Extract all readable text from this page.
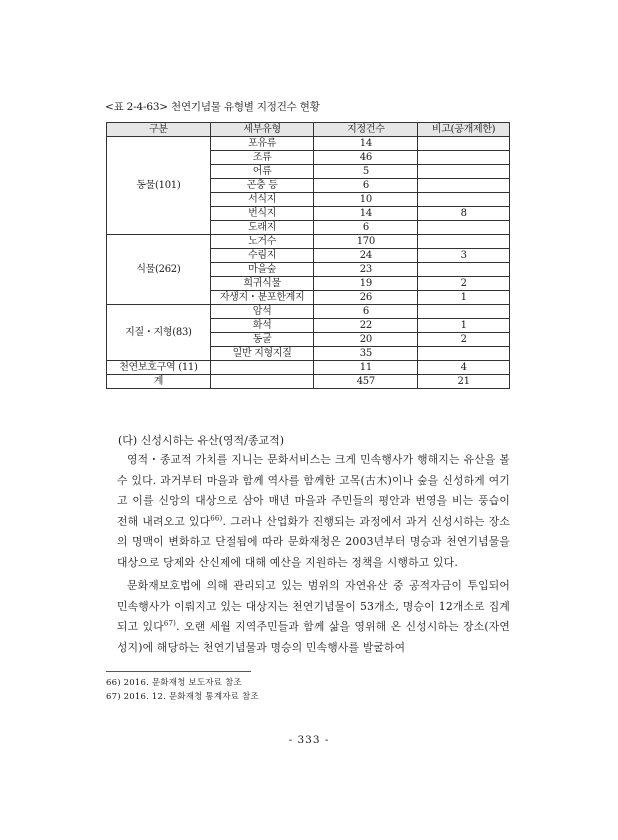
<표 2-4-63> 천연기념물 유형별 지정건수 현황
구분	세부유형	지정건수	비고(공개제한)
동물(101)	포유류	14	
	조류	46	
	어류	5	
	곤충 등	6	
	서식지	10	
	번식지	14	8
	도래지	6	
식물(262)	노거수	170	
	수림지	24	3
	마을숲	23	
	희귀식물	19	2
	자생지・분포한계지	26	1
지질・지형(83)	암석	6	
	화석	22	1
	동굴	20	2
	일반 지형지질	35	
천연보호구역 (11)		11	4
계		457	21
(다) 신성시하는 유산(영적/종교적)

영적・종교적 가치를 지니는 문화서비스는 크게 민속행사가 행해지는 유산을 볼 수 있다. 과거부터 마을과 함께 역사를 함께한 고목(古木)이나 숲을 신성하게 여기고 이를 신앙의 대상으로 삼아 매년 마을과 주민들의 평안과 번영을 비는 풍습이 전해 내려오고 있다$^{66)}$. 그러나 산업화가 진행되는 과정에서 과거 신성시하는 장소의 명맥이 변화하고 단절됨에 따라 문화재청은 2003년부터 명승과 천연기념물을 대상으로 당제와 산신제에 대해 예산을 지원하는 정책을 시행하고 있다.

문화재보호법에 의해 관리되고 있는 범위의 자연유산 중 공적자금이 투입되어 민속행사가 이뤄지고 있는 대상지는 천연기념물이 53개소, 명승이 12개소로 집계되고 있다$^{67)}$. 오랜 세월 지역주민들과 함께 삶을 영위해 온 신성시하는 장소(자연성지)에 해당하는 천연기념물과 명승의 민속행사를 발굴하여

66) 2016. 문화재청 보도자료 참조
67) 2016. 12. 문화재청 통계자료 참조
- 333 -
